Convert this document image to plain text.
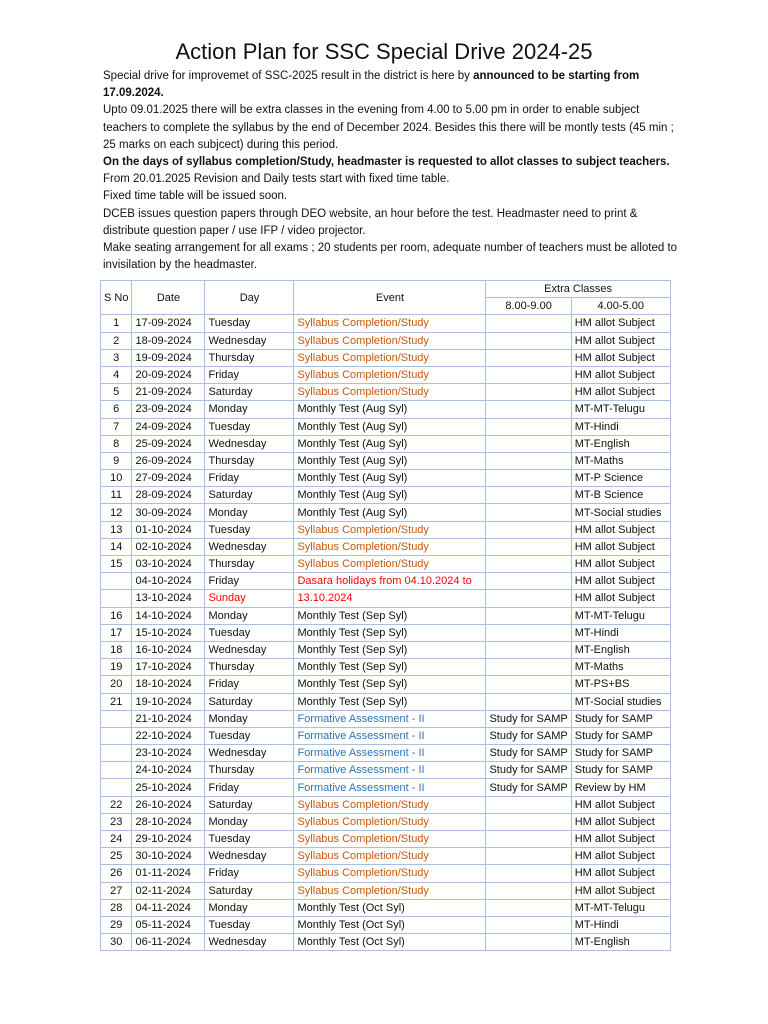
Action Plan for SSC Special Drive 2024-25

Special drive for improvemet of SSC-2025 result in the district is here by announced to be starting from 17.09.2024.

Upto 09.01.2025 there will be extra classes in the evening from 4.00 to 5.00 pm in order to enable subject teachers to complete the syllabus by the end of December 2024. Besides this there will be montly tests (45 min ; 25 marks on each subjcect) during this period.

On the days of syllabus completion/Study, headmaster is requested to allot classes to subject teachers.

From 20.01.2025 Revision and Daily tests start with fixed time table.

Fixed time table will be issued soon.

DCEB issues question papers through DEO website, an hour before the test. Headmaster need to print & distribute question paper / use IFP / video projector.

Make seating arrangement for all exams ; 20 students per room, adequate number of teachers must be alloted to invisilation by the headmaster.

S No	Date	Day	Event	Extra Classes	
				8.00-9.00	4.00-5.00
1	17-09-2024	Tuesday	Syllabus Completion/Study		HM allot Subject
2	18-09-2024	Wednesday	Syllabus Completion/Study		HM allot Subject
3	19-09-2024	Thursday	Syllabus Completion/Study		HM allot Subject
4	20-09-2024	Friday	Syllabus Completion/Study		HM allot Subject
5	21-09-2024	Saturday	Syllabus Completion/Study		HM allot Subject
6	23-09-2024	Monday	Monthly Test (Aug Syl)		MT-MT-Telugu
7	24-09-2024	Tuesday	Monthly Test (Aug Syl)		MT-Hindi
8	25-09-2024	Wednesday	Monthly Test (Aug Syl)		MT-English
9	26-09-2024	Thursday	Monthly Test (Aug Syl)		MT-Maths
10	27-09-2024	Friday	Monthly Test (Aug Syl)		MT-P Science
11	28-09-2024	Saturday	Monthly Test (Aug Syl)		MT-B Science
12	30-09-2024	Monday	Monthly Test (Aug Syl)		MT-Social studies
13	01-10-2024	Tuesday	Syllabus Completion/Study		HM allot Subject
14	02-10-2024	Wednesday	Syllabus Completion/Study		HM allot Subject
15	03-10-2024	Thursday	Syllabus Completion/Study		HM allot Subject
	04-10-2024	Friday	Dasara holidays from 04.10.2024 to		HM allot Subject
	13-10-2024	Sunday	13.10.2024		HM allot Subject
16	14-10-2024	Monday	Monthly Test (Sep Syl)		MT-MT-Telugu
17	15-10-2024	Tuesday	Monthly Test (Sep Syl)		MT-Hindi
18	16-10-2024	Wednesday	Monthly Test (Sep Syl)		MT-English
19	17-10-2024	Thursday	Monthly Test (Sep Syl)		MT-Maths
20	18-10-2024	Friday	Monthly Test (Sep Syl)		MT-PS+BS
21	19-10-2024	Saturday	Monthly Test (Sep Syl)		MT-Social studies
	21-10-2024	Monday	Formative Assessment - II	Study for SAMP	Study for SAMP
	22-10-2024	Tuesday	Formative Assessment - II	Study for SAMP	Study for SAMP
	23-10-2024	Wednesday	Formative Assessment - II	Study for SAMP	Study for SAMP
	24-10-2024	Thursday	Formative Assessment - II	Study for SAMP	Study for SAMP
	25-10-2024	Friday	Formative Assessment - II	Study for SAMP	Review by HM
22	26-10-2024	Saturday	Syllabus Completion/Study		HM allot Subject
23	28-10-2024	Monday	Syllabus Completion/Study		HM allot Subject
24	29-10-2024	Tuesday	Syllabus Completion/Study		HM allot Subject
25	30-10-2024	Wednesday	Syllabus Completion/Study		HM allot Subject
26	01-11-2024	Friday	Syllabus Completion/Study		HM allot Subject
27	02-11-2024	Saturday	Syllabus Completion/Study		HM allot Subject
28	04-11-2024	Monday	Monthly Test (Oct Syl)		MT-MT-Telugu
29	05-11-2024	Tuesday	Monthly Test (Oct Syl)		MT-Hindi
30	06-11-2024	Wednesday	Monthly Test (Oct Syl)		MT-English
